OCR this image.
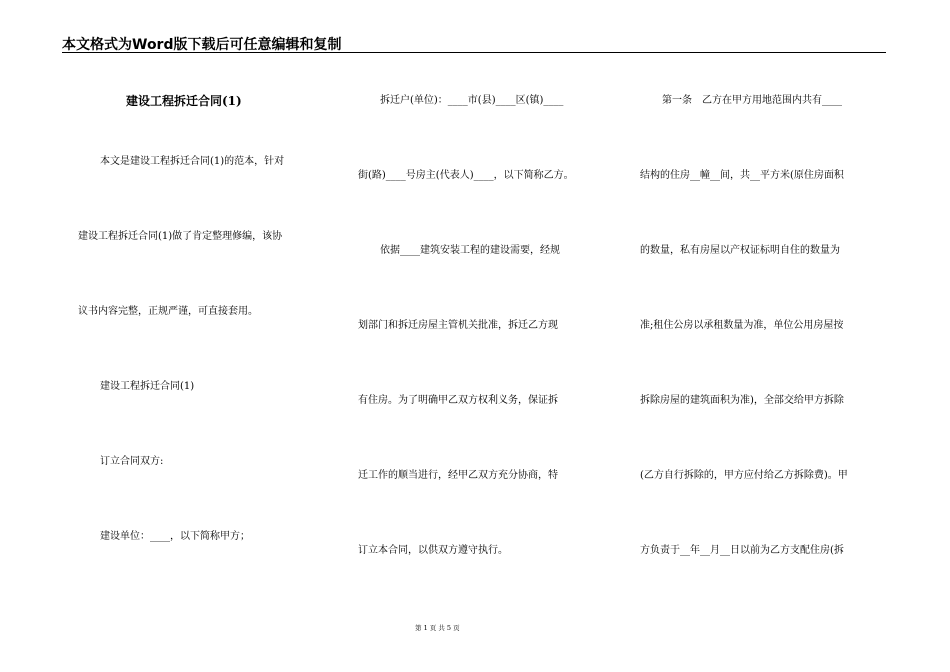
本文格式为Word版下载后可任意编辑和复制
建设工程拆迁合同(1)
本文是建设工程拆迁合同(1)的范本，针对
建设工程拆迁合同(1)做了肯定整理修编，该协
议书内容完整，正规严谨，可直接套用。
建设工程拆迁合同(1)
订立合同双方:
建设单位：____，以下简称甲方；
拆迁户(单位)：____市(县)____区(镇)____
街(路)____号房主(代表人)____，以下简称乙方。
依据____建筑安装工程的建设需要，经规
划部门和拆迁房屋主管机关批准，拆迁乙方现
有住房。为了明确甲乙双方权利义务，保证拆
迁工作的顺当进行，经甲乙双方充分协商，特
订立本合同，以供双方遵守执行。
第一条　乙方在甲方用地范围内共有____
结构的住房__幢__间，共__平方米(原住房面积
的数量，私有房屋以产权证标明自住的数量为
准;租住公房以承租数量为准，单位公用房屋按
拆除房屋的建筑面积为准)，全部交给甲方拆除
(乙方自行拆除的，甲方应付给乙方拆除费)。甲
方负责于__年__月__日以前为乙方支配住房(拆
第 1 页 共 5 页
